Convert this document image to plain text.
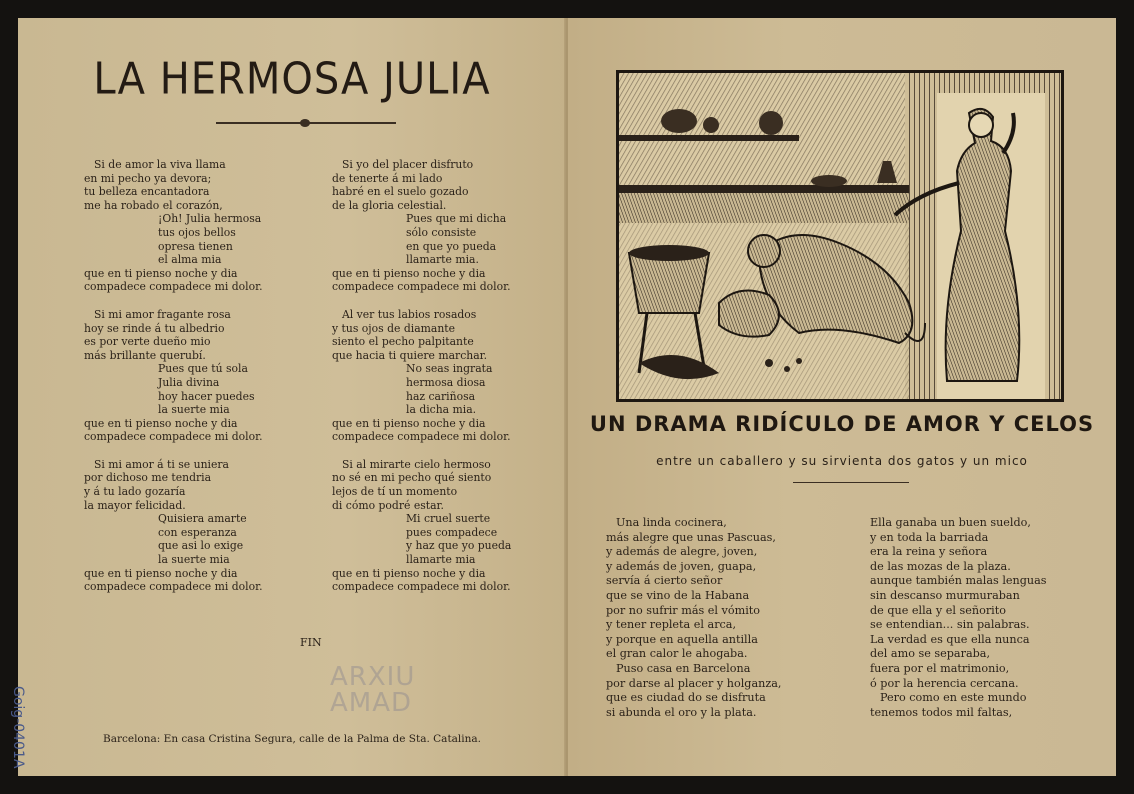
LA HERMOSA JULIA
Si de amor la viva llama
en mi pecho ya devora;
tu belleza encantadora
me ha robado el corazón,
¡Oh! Julia hermosa
tus ojos bellos
opresa tienen
el alma mia
que en ti pienso noche y dia
compadece compadece mi dolor.
Si mi amor fragante rosa
hoy se rinde á tu albedrio
es por verte dueño mio
más brillante querubí.
Pues que tú sola
Julia divina
hoy hacer puedes
la suerte mia
que en ti pienso noche y dia
compadece compadece mi dolor.
Si mi amor á ti se uniera
por dichoso me tendria
y á tu lado gozaría
la mayor felicidad.
Quisiera amarte
con esperanza
que asi lo exige
la suerte mia
que en ti pienso noche y dia
compadece compadece mi dolor.
Si yo del placer disfruto
de tenerte á mi lado
habré en el suelo gozado
de la gloria celestial.
Pues que mi dicha
sólo consiste
en que yo pueda
llamarte mia.
que en ti pienso noche y dia
compadece compadece mi dolor.
Al ver tus labios rosados
y tus ojos de diamante
siento el pecho palpitante
que hacia ti quiere marchar.
No seas ingrata
hermosa diosa
haz cariñosa
la dicha mia.
que en ti pienso noche y dia
compadece compadece mi dolor.
Si al mirarte cielo hermoso
no sé en mi pecho qué siento
lejos de tí un momento
di cómo podré estar.
Mi cruel suerte
pues compadece
y haz que yo pueda
llamarte mia
que en ti pienso noche y dia
compadece compadece mi dolor.
FIN
ARXIU
AMAD
Barcelona: En casa Cristina Segura, calle de la Palma de Sta. Catalina.
Goig-0401A
UN DRAMA RIDÍCULO DE AMOR Y CELOS
entre un caballero y su sirvienta dos gatos y un mico
Una linda cocinera,
más alegre que unas Pascuas,
y además de alegre, joven,
y además de joven, guapa,
servía á cierto señor
que se vino de la Habana
por no sufrir más el vómito
y tener repleta el arca,
y porque en aquella antilla
el gran calor le ahogaba.
Puso casa en Barcelona
por darse al placer y holganza,
que es ciudad do se disfruta
si abunda el oro y la plata.
Ella ganaba un buen sueldo,
y en toda la barriada
era la reina y señora
de las mozas de la plaza.
aunque también malas lenguas
sin descanso murmuraban
de que ella y el señorito
se entendian... sin palabras.
La verdad es que ella nunca
del amo se separaba,
fuera por el matrimonio,
ó por la herencia cercana.
Pero como en este mundo
tenemos todos mil faltas,
